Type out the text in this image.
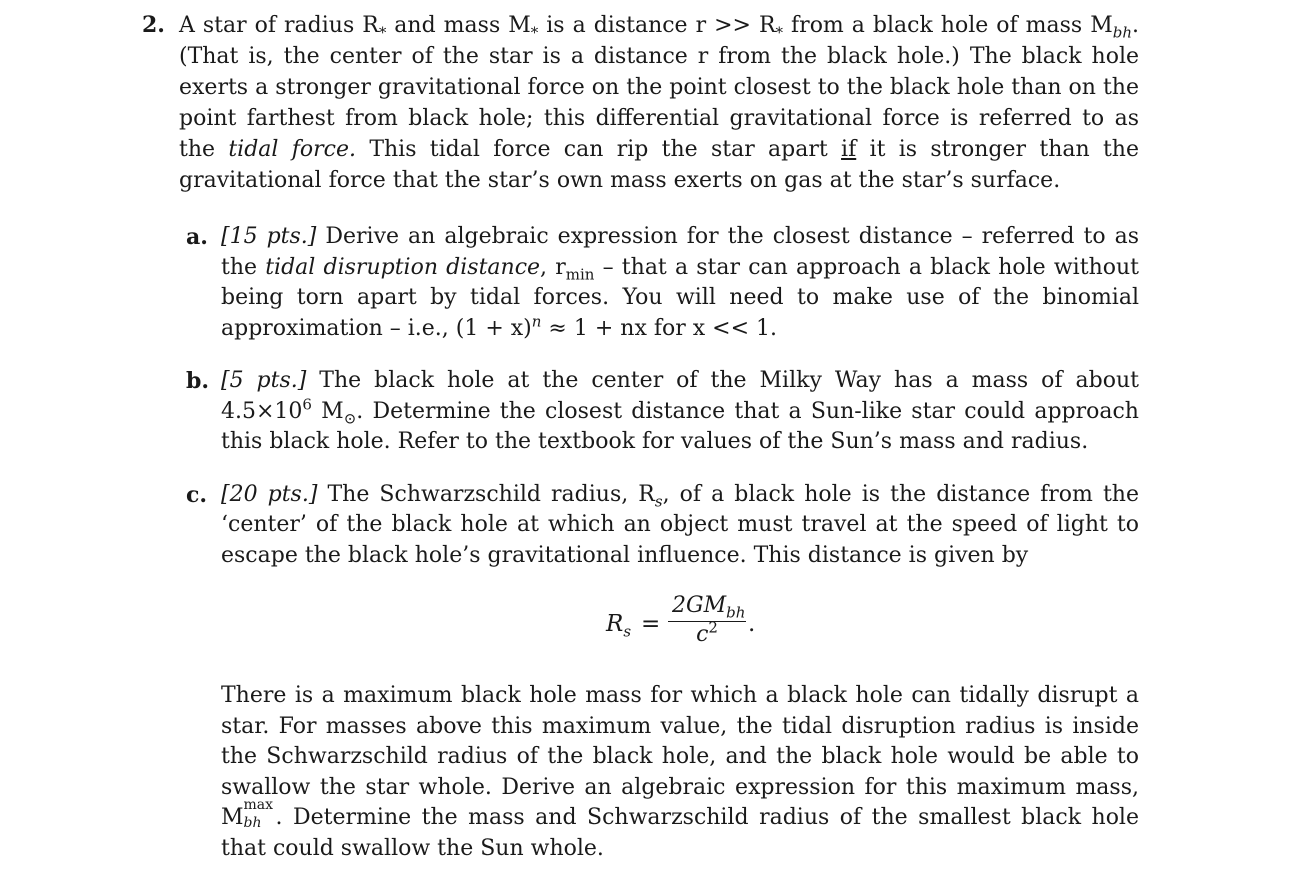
2. A star of radius $R_*$ and mass $M_*$ is a distance $r >> R_*$ from a black hole of mass $M_{bh}$. (That is, the center of the star is a distance r from the black hole.) The black hole exerts a stronger gravitational force on the point closest to the black hole than on the point farthest from black hole; this differential gravitational force is referred to as the tidal force. This tidal force can rip the star apart if it is stronger than the gravitational force that the star’s own mass exerts on gas at the star’s surface.
a. [15 pts.] Derive an algebraic expression for the closest distance – referred to as the tidal disruption distance, $r_{min}$ – that a star can approach a black hole without being torn apart by tidal forces. You will need to make use of the binomial approximation – i.e., $(1 + x)^n \approx 1$ + nx for x << 1.
b. [5 pts.] The black hole at the center of the Milky Way has a mass of about $4.5\times 10^6$ $M_⊙$. Determine the closest distance that a Sun-like star could approach this black hole. Refer to the textbook for values of the Sun’s mass and radius.
c. [20 pts.] The Schwarzschild radius, $R_s$, of a black hole is the distance from the ‘center’ of the black hole at which an object must travel at the speed of light to escape the black hole’s gravitational influence. This distance is given by
$R_s$ =
$2GM_{bh}$
$c^2$	.
There is a maximum black hole mass for which a black hole can tidally disrupt a star. For masses above this maximum value, the tidal disruption radius is inside the Schwarzschild radius of the black hole, and the black hole would be able to swallow the star whole. Derive an algebraic expression for this maximum mass, M max
bh . Determine the mass and Schwarzschild radius of the smallest black hole that could swallow the Sun whole.
